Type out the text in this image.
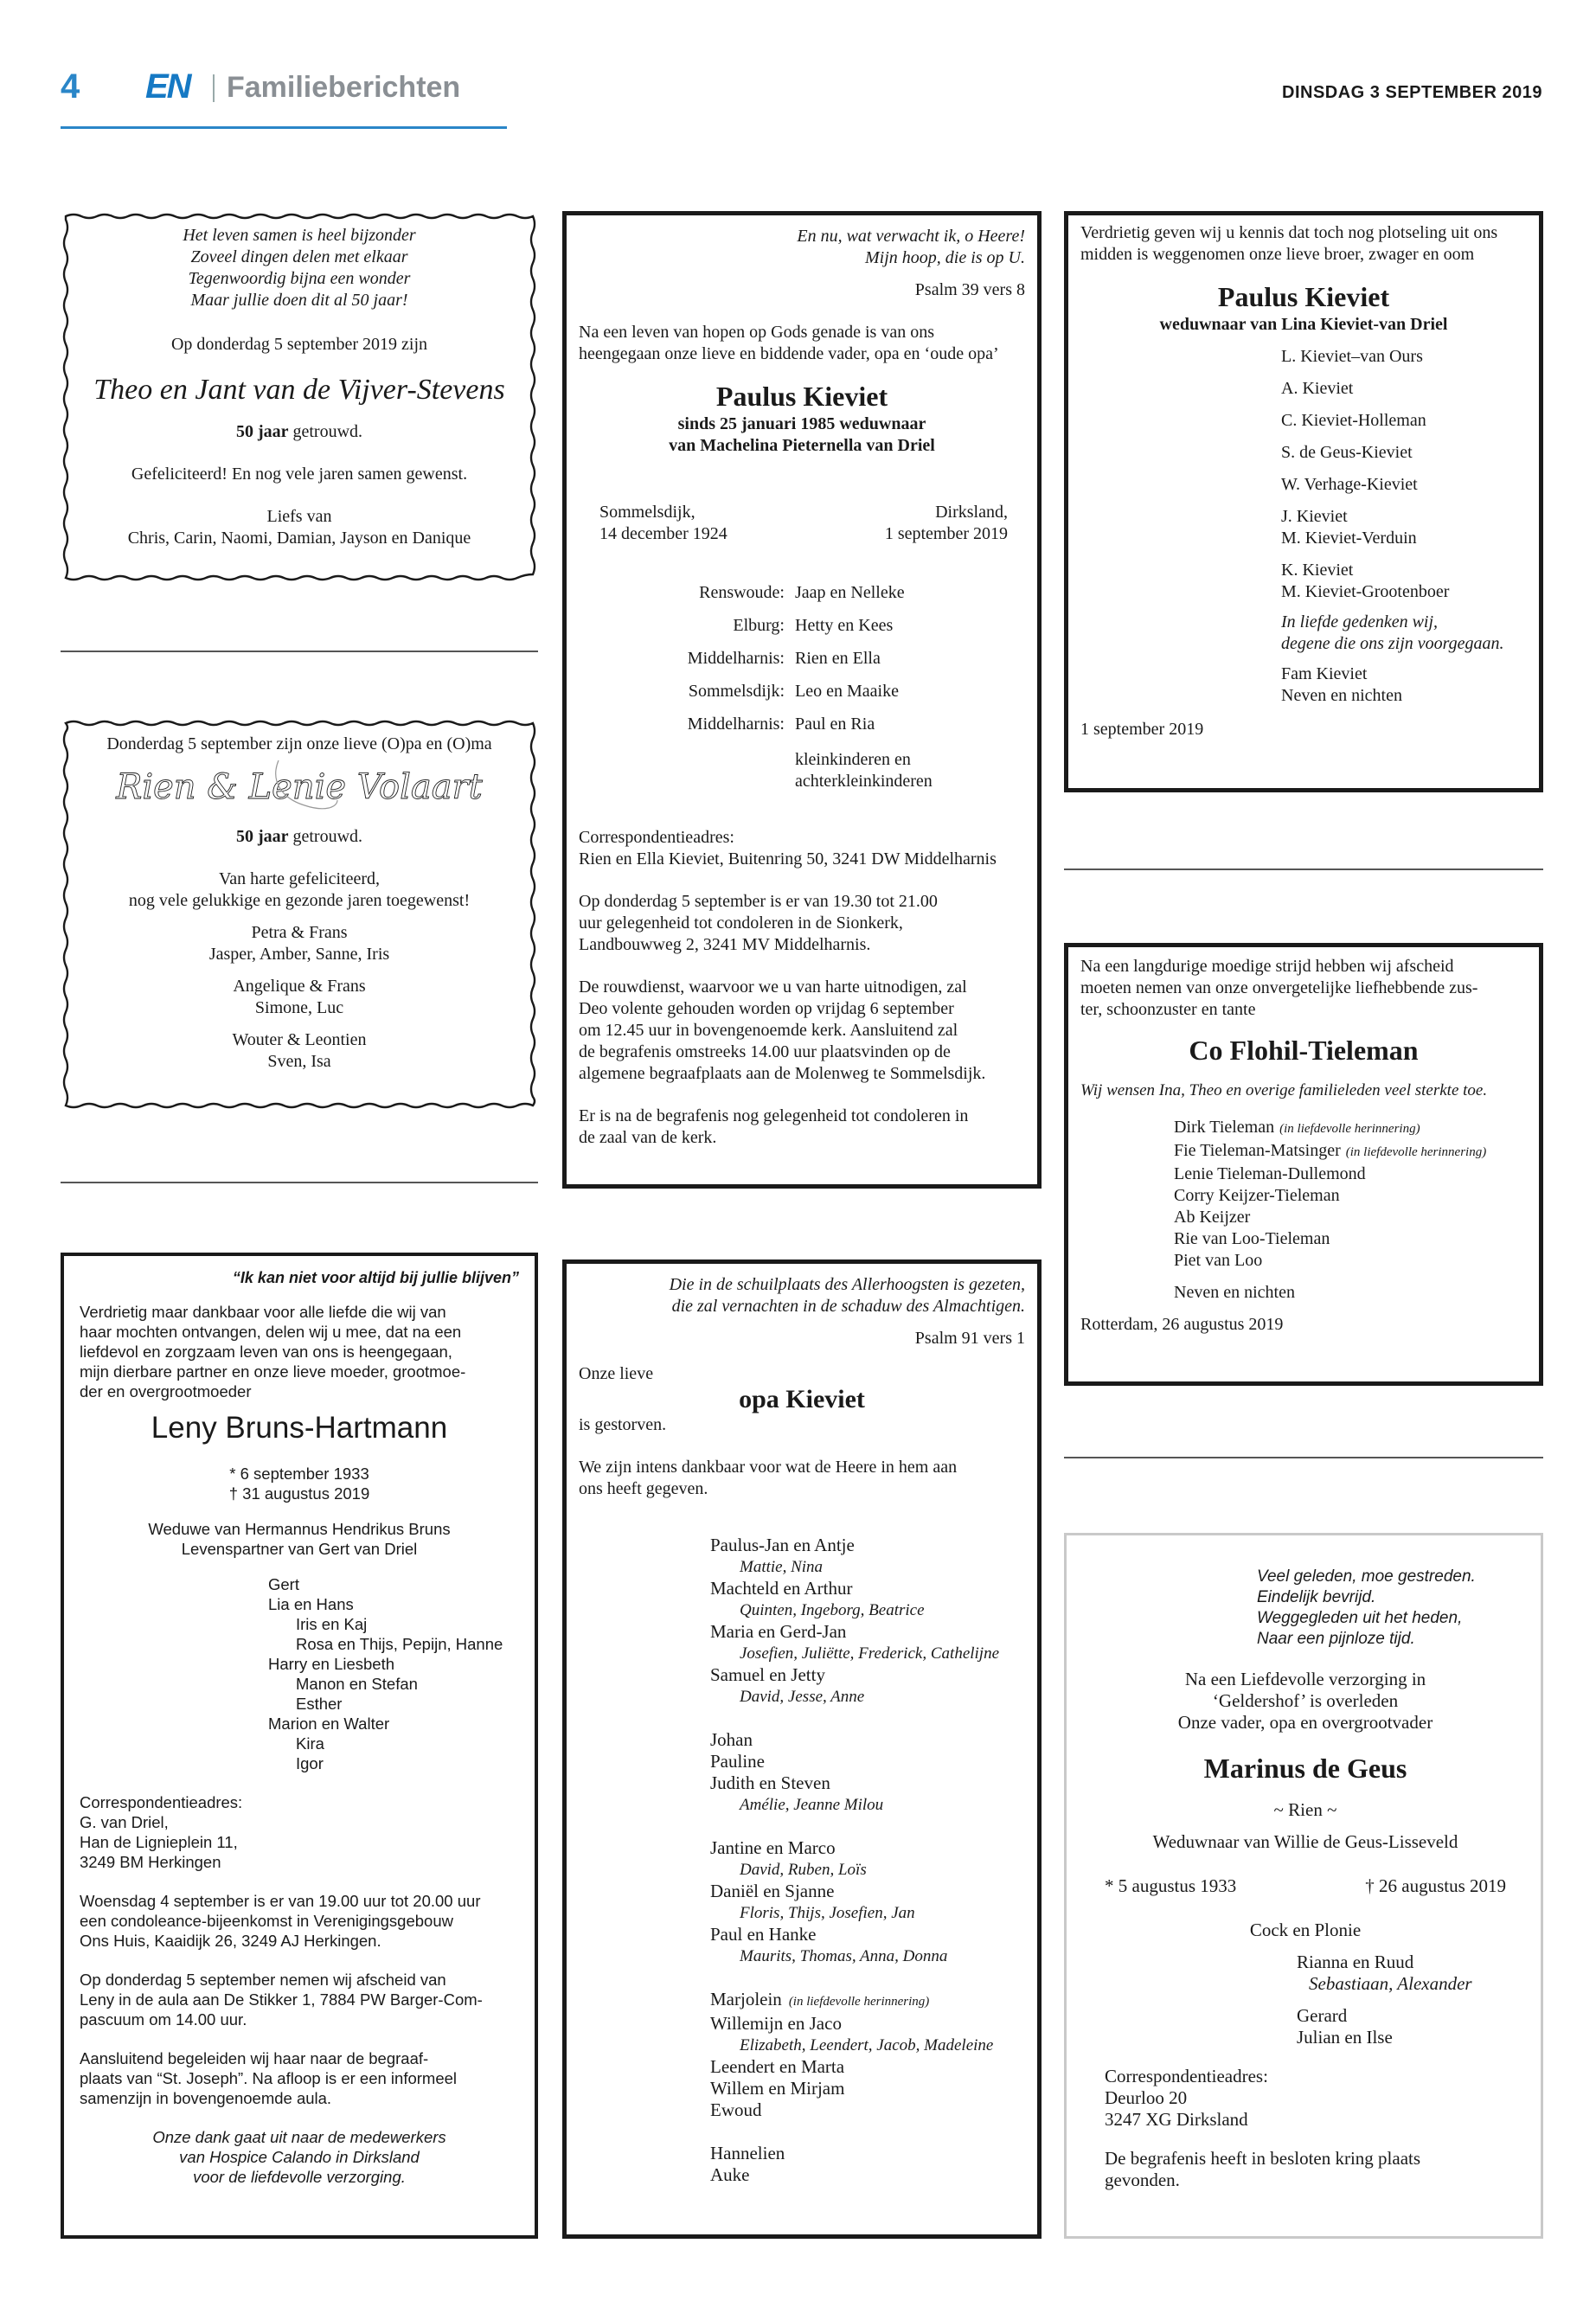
4 EN Familieberichten	DINSDAG 3 SEPTEMBER 2019
Het leven samen is heel bijzonder
Zoveel dingen delen met elkaar
Tegenwoordig bijna een wonder
Maar jullie doen dit al 50 jaar!
Op donderdag 5 september 2019 zijn
Theo en Jant van de Vijver-Stevens
50 jaar getrouwd.
Gefeliciteerd! En nog vele jaren samen gewenst.
Liefs van
Chris, Carin, Naomi, Damian, Jayson en Danique
Donderdag 5 september zijn onze lieve (O)pa en (O)ma
Rien & Lenie Volaart
50 jaar getrouwd.
Van harte gefeliciteerd,
nog vele gelukkige en gezonde jaren toegewenst!
Petra & Frans
Jasper, Amber, Sanne, Iris
Angelique & Frans
Simone, Luc
Wouter & Leontien
Sven, Isa
“Ik kan niet voor altijd bij jullie blijven”
Verdrietig maar dankbaar voor alle liefde die wij van
haar mochten ontvangen, delen wij u mee, dat na een
liefdevol en zorgzaam leven van ons is heengegaan,
mijn dierbare partner en onze lieve moeder, grootmoe-
der en overgrootmoeder
Leny Bruns-Hartmann
* 6 september 1933
† 31 augustus 2019
Weduwe van Hermannus Hendrikus Bruns
Levenspartner van Gert van Driel
Gert
Lia en Hans
Iris en Kaj
Rosa en Thijs, Pepijn, Hanne
Harry en Liesbeth
Manon en Stefan
Esther
Marion en Walter
Kira
Igor
Correspondentieadres:
G. van Driel,
Han de Lignieplein 11,
3249 BM Herkingen
Woensdag 4 september is er van 19.00 uur tot 20.00 uur
een condoleance-bijeenkomst in Verenigingsgebouw
Ons Huis, Kaaidijk 26, 3249 AJ Herkingen.
Op donderdag 5 september nemen wij afscheid van
Leny in de aula aan De Stikker 1, 7884 PW Barger-Com-
pascuum om 14.00 uur.
Aansluitend begeleiden wij haar naar de begraaf-
plaats van “St. Joseph”. Na afloop is er een informeel
samenzijn in bovengenoemde aula.
Onze dank gaat uit naar de medewerkers
van Hospice Calando in Dirksland
voor de liefdevolle verzorging.
En nu, wat verwacht ik, o Heere!
Mijn hoop, die is op U.
Psalm 39 vers 8
Na een leven van hopen op Gods genade is van ons
heengegaan onze lieve en biddende vader, opa en ‘oude opa’
Paulus Kieviet
sinds 25 januari 1985 weduwnaar
van Machelina Pieternella van Driel
Sommelsdijk,
14 december 1924
Dirksland,
1 september 2019
Renswoude: Jaap en Nelleke
Elburg: Hetty en Kees
Middelharnis: Rien en Ella
Sommelsdijk: Leo en Maaike
Middelharnis: Paul en Ria
kleinkinderen en
achterkleinkinderen
Correspondentieadres:
Rien en Ella Kieviet, Buitenring 50, 3241 DW Middelharnis
Op donderdag 5 september is er van 19.30 tot 21.00
uur gelegenheid tot condoleren in de Sionkerk,
Landbouwweg 2, 3241 MV Middelharnis.
De rouwdienst, waarvoor we u van harte uitnodigen, zal
Deo volente gehouden worden op vrijdag 6 september
om 12.45 uur in bovengenoemde kerk. Aansluitend zal
de begrafenis omstreeks 14.00 uur plaatsvinden op de
algemene begraafplaats aan de Molenweg te Sommelsdijk.
Er is na de begrafenis nog gelegenheid tot condoleren in
de zaal van de kerk.
Die in de schuilplaats des Allerhoogsten is gezeten,
die zal vernachten in de schaduw des Almachtigen.
Psalm 91 vers 1
Onze lieve
opa Kieviet
is gestorven.
We zijn intens dankbaar voor wat de Heere in hem aan
ons heeft gegeven.
Paulus-Jan en Antje
Mattie, Nina
Machteld en Arthur
Quinten, Ingeborg, Beatrice
Maria en Gerd-Jan
Josefien, Juliëtte, Frederick, Cathelijne
Samuel en Jetty
David, Jesse, Anne
Johan
Pauline
Judith en Steven
Amélie, Jeanne Milou
Jantine en Marco
David, Ruben, Loïs
Daniël en Sjanne
Floris, Thijs, Josefien, Jan
Paul en Hanke
Maurits, Thomas, Anna, Donna
Marjolein (in liefdevolle herinnering)
Willemijn en Jaco
Elizabeth, Leendert, Jacob, Madeleine
Leendert en Marta
Willem en Mirjam
Ewoud
Hannelien
Auke
Verdrietig geven wij u kennis dat toch nog plotseling uit ons
midden is weggenomen onze lieve broer, zwager en oom
Paulus Kieviet
weduwnaar van Lina Kieviet-van Driel
L. Kieviet–van Ours
A. Kieviet
C. Kieviet-Holleman
S. de Geus-Kieviet
W. Verhage-Kieviet
J. Kieviet
M. Kieviet-Verduin
K. Kieviet
M. Kieviet-Grootenboer
In liefde gedenken wij,
degene die ons zijn voorgegaan.
Fam Kieviet
Neven en nichten
1 september 2019
Na een langdurige moedige strijd hebben wij afscheid
moeten nemen van onze onvergetelijke liefhebbende zus-
ter, schoonzuster en tante
Co Flohil-Tieleman
Wij wensen Ina, Theo en overige familieleden veel sterkte toe.
Dirk Tieleman (in liefdevolle herinnering)
Fie Tieleman-Matsinger (in liefdevolle herinnering)
Lenie Tieleman-Dullemond
Corry Keijzer-Tieleman
Ab Keijzer
Rie van Loo-Tieleman
Piet van Loo
Neven en nichten
Rotterdam, 26 augustus 2019
Veel geleden, moe gestreden.
Eindelijk bevrijd.
Weggegleden uit het heden,
Naar een pijnloze tijd.
Na een Liefdevolle verzorging in
‘Geldershof’ is overleden
Onze vader, opa en overgrootvader
Marinus de Geus
~ Rien ~
Weduwnaar van Willie de Geus-Lisseveld
* 5 augustus 1933	† 26 augustus 2019
Cock en Plonie
Rianna en Ruud
Sebastiaan, Alexander
Gerard
Julian en Ilse
Correspondentieadres:
Deurloo 20
3247 XG Dirksland
De begrafenis heeft in besloten kring plaats
gevonden.
